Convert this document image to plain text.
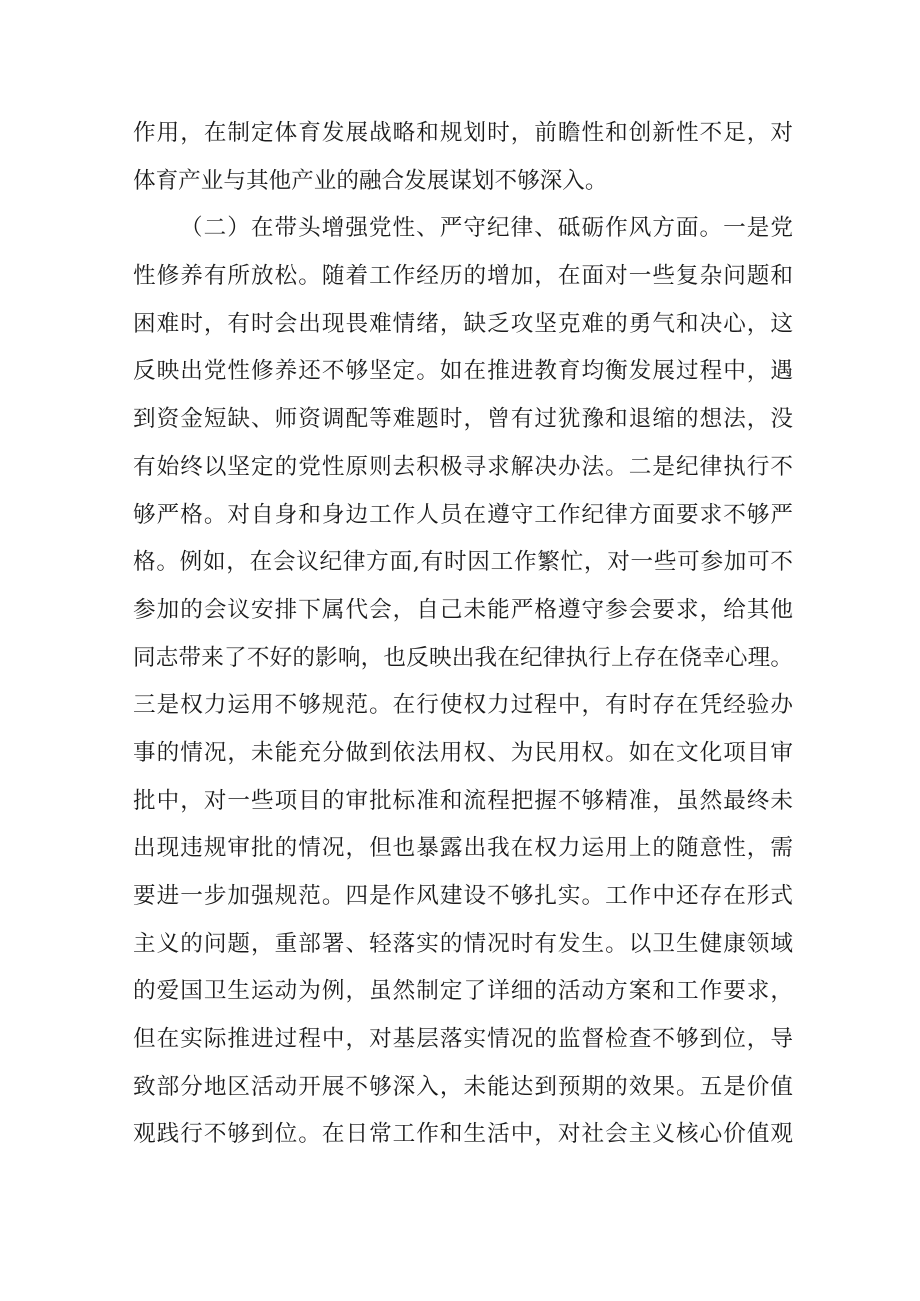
作用，在制定体育发展战略和规划时，前瞻性和创新性不足，对
体育产业与其他产业的融合发展谋划不够深入。
（二）在带头增强党性、严守纪律、砥砺作风方面。一是党
性修养有所放松。随着工作经历的增加，在面对一些复杂问题和
困难时，有时会出现畏难情绪，缺乏攻坚克难的勇气和决心，这
反映出党性修养还不够坚定。如在推进教育均衡发展过程中，遇
到资金短缺、师资调配等难题时，曾有过犹豫和退缩的想法，没
有始终以坚定的党性原则去积极寻求解决办法。二是纪律执行不
够严格。对自身和身边工作人员在遵守工作纪律方面要求不够严
格。例如，在会议纪律方面,有时因工作繁忙，对一些可参加可不
参加的会议安排下属代会，自己未能严格遵守参会要求，给其他
同志带来了不好的影响，也反映出我在纪律执行上存在侥幸心理。
三是权力运用不够规范。在行使权力过程中，有时存在凭经验办
事的情况，未能充分做到依法用权、为民用权。如在文化项目审
批中，对一些项目的审批标准和流程把握不够精准，虽然最终未
出现违规审批的情况，但也暴露出我在权力运用上的随意性，需
要进一步加强规范。四是作风建设不够扎实。工作中还存在形式
主义的问题，重部署、轻落实的情况时有发生。以卫生健康领域
的爱国卫生运动为例，虽然制定了详细的活动方案和工作要求，
但在实际推进过程中，对基层落实情况的监督检查不够到位，导
致部分地区活动开展不够深入，未能达到预期的效果。五是价值
观践行不够到位。在日常工作和生活中，对社会主义核心价值观
